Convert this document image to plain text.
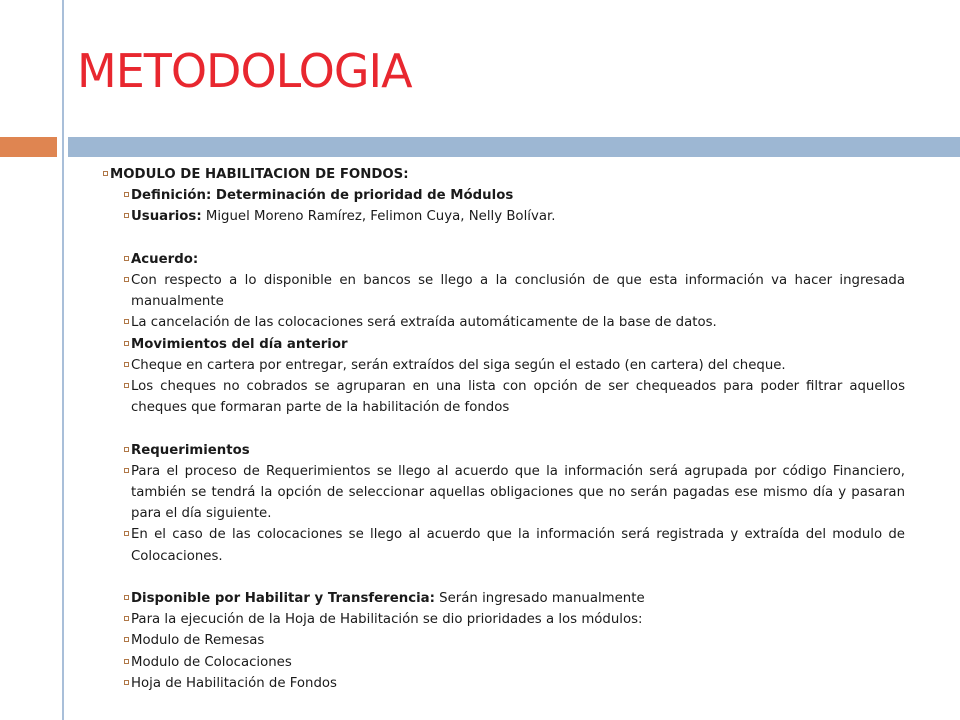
METODOLOGIA
MODULO DE HABILITACION DE FONDOS:
Definición: Determinación de prioridad de Módulos
Usuarios: Miguel Moreno Ramírez, Felimon Cuya, Nelly Bolívar.
Acuerdo:
Con respecto a lo disponible en bancos se llego a la conclusión de que esta información va hacer ingresada manualmente
La cancelación de las colocaciones será extraída automáticamente de la base de datos.
Movimientos del día anterior
Cheque en cartera por entregar, serán extraídos del siga según el estado (en cartera) del cheque.
Los cheques no cobrados se agruparan en una lista con opción de ser chequeados para poder filtrar aquellos cheques que formaran parte de la habilitación de fondos
Requerimientos
Para el proceso de Requerimientos se llego al acuerdo que la información será agrupada por código Financiero, también se tendrá la opción de seleccionar aquellas obligaciones que no serán pagadas ese mismo día y pasaran para el día siguiente.
En el caso de las colocaciones se llego al acuerdo que la información será registrada y extraída del modulo de Colocaciones.
Disponible por Habilitar y Transferencia: Serán ingresado manualmente
Para la ejecución de la Hoja de Habilitación se dio prioridades a los módulos:
Modulo de Remesas
Modulo de Colocaciones
Hoja de Habilitación de Fondos
